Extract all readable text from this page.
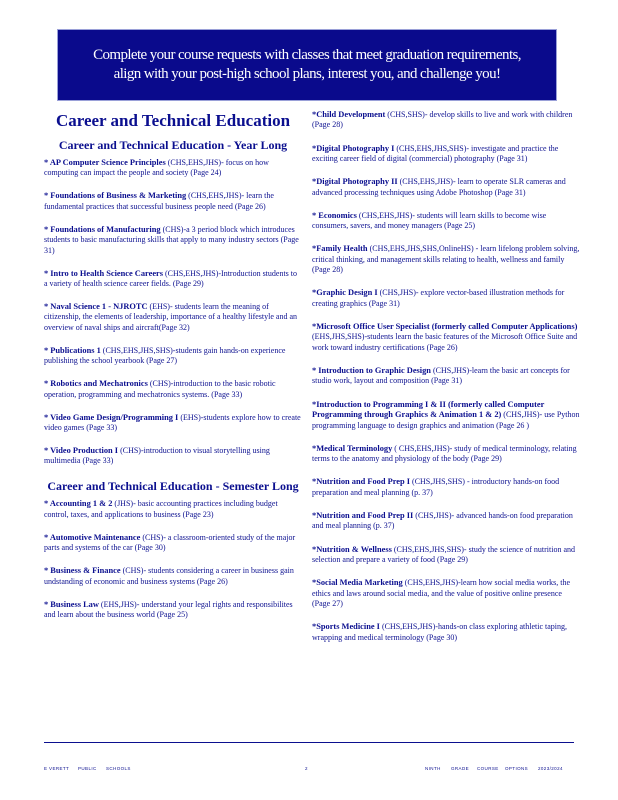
Complete your course requests with classes that meet graduation requirements,
align with your post-high school plans, interest you, and challenge you!
Career and Technical Education
Career and Technical Education - Year Long
* AP Computer Science Principles (CHS,EHS,JHS)- focus on how computing can impact the people and society (Page 24)
* Foundations of Business & Marketing (CHS,EHS,JHS)- learn the fundamental practices that successful business people need (Page 26)
* Foundations of Manufacturing (CHS)-a 3 period block which introduces students to basic manufacturing skills that apply to many industry sectors (Page 31)
* Intro to Health Science Careers (CHS,EHS,JHS)-Introduction students to a variety of health science career fields. (Page 29)
* Naval Science 1 - NJROTC (EHS)- students learn the meaning of citizenship, the elements of leadership, importance of a healthy lifestyle and an overview of naval ships and aircraft(Page 32)
* Publications 1 (CHS,EHS,JHS,SHS)-students gain hands-on experience publishing the school yearbook (Page 27)
* Robotics and Mechatronics (CHS)-introduction to the basic robotic operation, programming and mechatronics systems. (Page 33)
* Video Game Design/Programming I (EHS)-students explore how to create video games (Page 33)
* Video Production I (CHS)-introduction to visual storytelling using multimedia (Page 33)
Career and Technical Education - Semester Long
* Accounting 1 & 2 (JHS)- basic accounting practices including budget control, taxes, and applications to business (Page 23)
* Automotive Maintenance (CHS)- a classroom-oriented study of the major parts and systems of the car (Page 30)
* Business & Finance (CHS)- students considering a career in business gain undstanding of economic and business systems (Page 26)
* Business Law (EHS,JHS)- understand your legal rights and responsibilites and learn about the business world (Page 25)
*Child Development (CHS,SHS)- develop skills to live and work with children (Page 28)
*Digital Photography I (CHS,EHS,JHS,SHS)- investigate and practice the exciting career field of digital (commercial) photography (Page 31)
*Digital Photography II (CHS,EHS,JHS)- learn to operate SLR cameras and advanced processing techniques using Adobe Photoshop (Page 31)
* Economics (CHS,EHS,JHS)- students will learn skills to become wise consumers, savers, and money managers (Page 25)
*Family Health (CHS,EHS,JHS,SHS,OnlineHS) - learn lifelong problem solving, critical thinking, and management skills relating to health, wellness and family (Page 28)
*Graphic Design I (CHS,JHS)- explore vector-based illustration methods for creating graphics (Page 31)
*Microsoft Office User Specialist (formerly called Computer Applications) (EHS,JHS,SHS)-students learn the basic features of the Microsoft Office Suite and work toward industry certifications (Page 26)
* Introduction to Graphic Design (CHS,JHS)-learn the basic art concepts for studio work, layout and composition (Page 31)
*Introduction to Programming I & II (formerly called Computer Programming through Graphics & Animation 1 & 2) (CHS,JHS)- use Python programming language to design graphics and animation (Page 26 )
*Medical Terminology ( CHS,EHS,JHS)- study of medical terminology, relating terms to the anatomy and physiology of the body (Page 29)
*Nutrition and Food Prep I (CHS,JHS,SHS) - introductory hands-on food preparation and meal planning (p. 37)
*Nutrition and Food Prep II (CHS,JHS)- advanced hands-on food preparation and meal planning (p. 37)
*Nutrition & Wellness (CHS,EHS,JHS,SHS)- study the science of nutrition and selection and prepare a variety of food (Page 29)
*Social Media Marketing (CHS,EHS,JHS)-learn how social media works, the ethics and laws around social media, and the value of positive online presence (Page 27)
*Sports Medicine I (CHS,EHS,JHS)-hands-on class exploring athletic taping, wrapping and medical terminology (Page 30)
E VERETT PUBLIC SCHOOLS	2	NINTH GRADE COURSE OPTIONS 2023/2024
